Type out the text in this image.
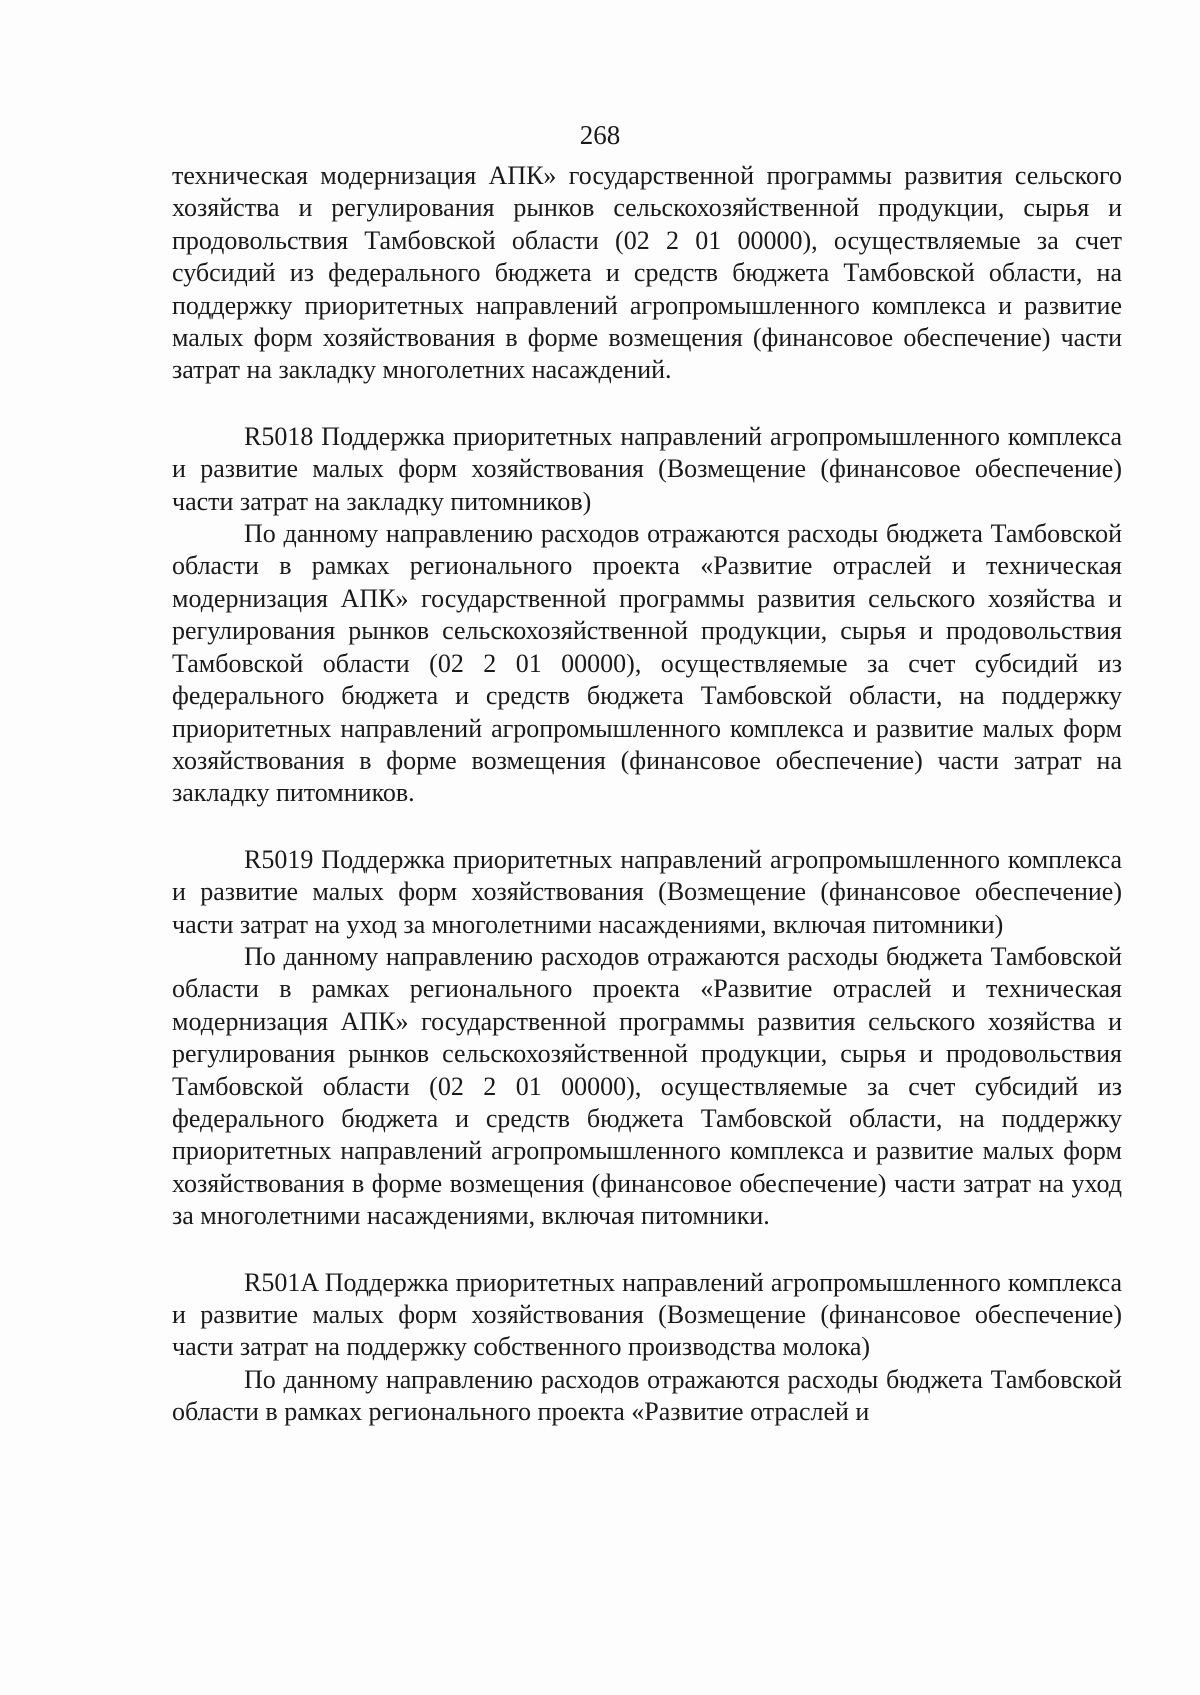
268

техническая модернизация АПК» государственной программы развития сельского хозяйства и регулирования рынков сельскохозяйственной продукции, сырья и продовольствия Тамбовской области (02 2 01 00000), осуществляемые за счет субсидий из федерального бюджета и средств бюджета Тамбовской области, на поддержку приоритетных направлений агропромышленного комплекса и развитие малых форм хозяйствования в форме возмещения (финансовое обеспечение) части затрат на закладку многолетних насаждений.

R5018 Поддержка приоритетных направлений агропромышленного комплекса и развитие малых форм хозяйствования (Возмещение (финансовое обеспечение) части затрат на закладку питомников)

По данному направлению расходов отражаются расходы бюджета Тамбовской области в рамках регионального проекта «Развитие отраслей и техническая модернизация АПК» государственной программы развития сельского хозяйства и регулирования рынков сельскохозяйственной продукции, сырья и продовольствия Тамбовской области (02 2 01 00000), осуществляемые за счет субсидий из федерального бюджета и средств бюджета Тамбовской области, на поддержку приоритетных направлений агропромышленного комплекса и развитие малых форм хозяйствования в форме возмещения (финансовое обеспечение) части затрат на закладку питомников.

R5019 Поддержка приоритетных направлений агропромышленного комплекса и развитие малых форм хозяйствования (Возмещение (финансовое обеспечение) части затрат на уход за многолетними насаждениями, включая питомники)

По данному направлению расходов отражаются расходы бюджета Тамбовской области в рамках регионального проекта «Развитие отраслей и техническая модернизация АПК» государственной программы развития сельского хозяйства и регулирования рынков сельскохозяйственной продукции, сырья и продовольствия Тамбовской области (02 2 01 00000), осуществляемые за счет субсидий из федерального бюджета и средств бюджета Тамбовской области, на поддержку приоритетных направлений агропромышленного комплекса и развитие малых форм хозяйствования в форме возмещения (финансовое обеспечение) части затрат на уход за многолетними насаждениями, включая питомники.

R501A Поддержка приоритетных направлений агропромышленного комплекса и развитие малых форм хозяйствования (Возмещение (финансовое обеспечение) части затрат на поддержку собственного производства молока)

По данному направлению расходов отражаются расходы бюджета Тамбовской области в рамках регионального проекта «Развитие отраслей и
